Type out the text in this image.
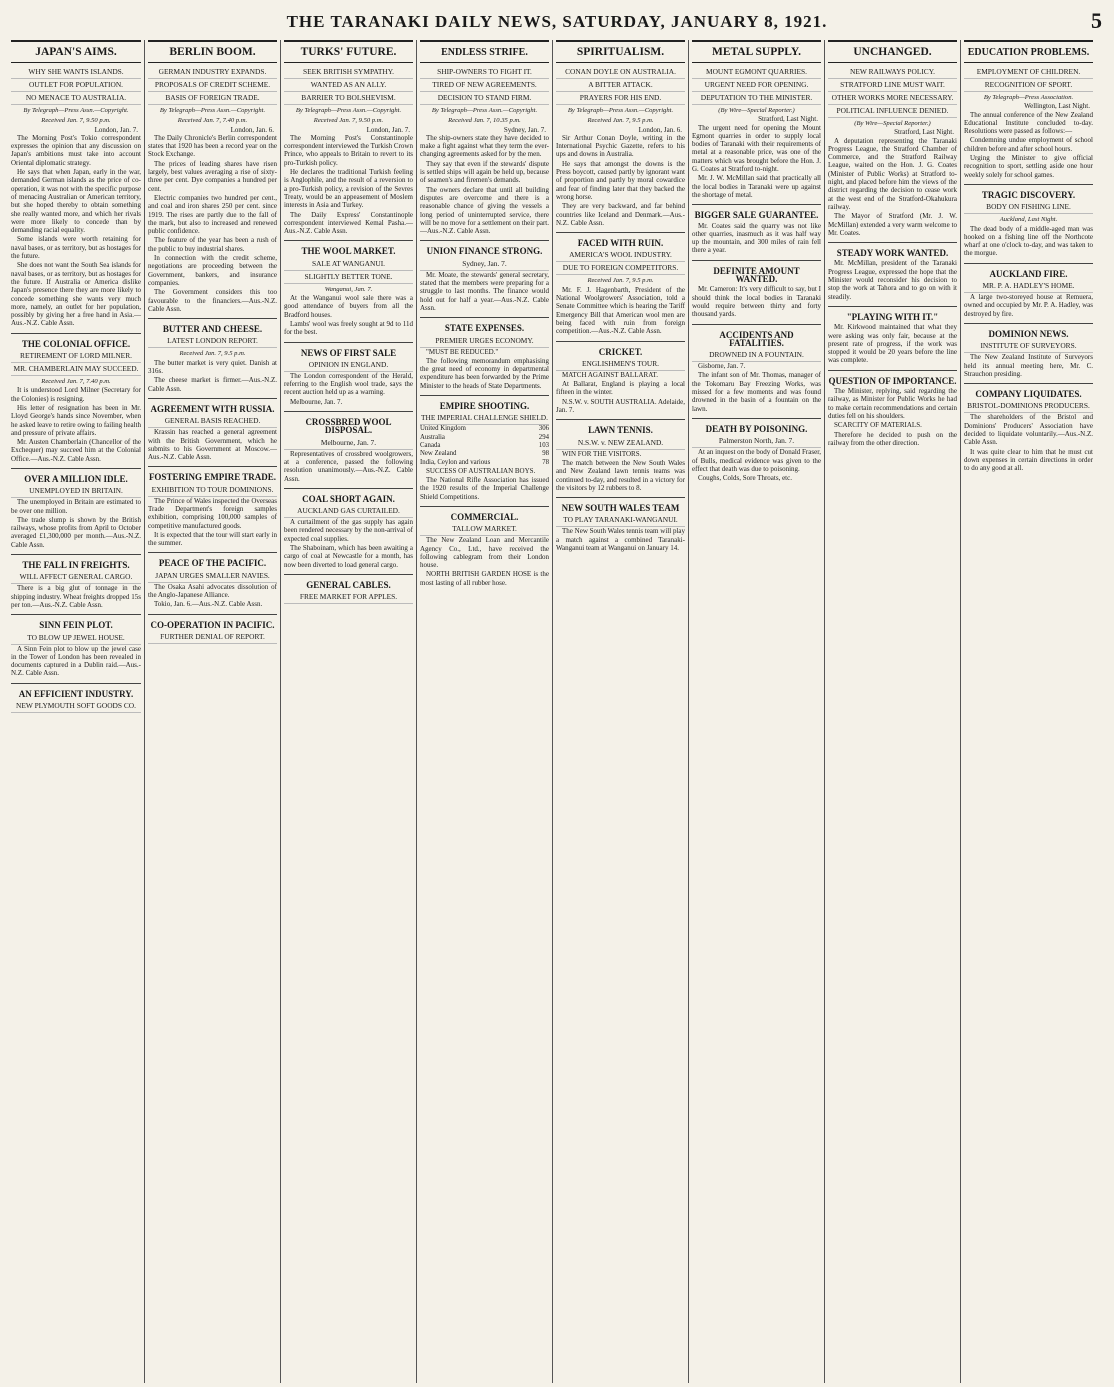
THE TARANAKI DAILY NEWS, SATURDAY, JANUARY 8, 1921.	5
JAPAN'S AIMS.
WHY SHE WANTS ISLANDS.
OUTLET FOR POPULATION.
NO MENACE TO AUSTRALIA.
By Telegraph—Press Assn.—Copyright.
Received Jan. 7, 9.50 p.m.
London, Jan. 7.

The Morning Post's Tokio correspondent expresses the opinion that any discussion on Japan's ambitions must take into account Oriental diplomatic strategy.

He says that when Japan, early in the war, demanded German islands as the price of co-operation, it was not with the specific purpose of menacing Australian or American territory, but she hoped thereby to obtain something she really wanted more, and which her rivals were more likely to concede than by demanding racial equality.

Some islands were worth retaining for naval bases, or as territory, but as hostages for the future.

She does not want the South Sea islands for naval bases, or as territory, but as hostages for the future. If Australia or America dislike Japan's presence there they are more likely to concede something she wants very much more, namely, an outlet for her population, possibly by giving her a free hand in Asia.—Aus.-N.Z. Cable Assn.

THE COLONIAL OFFICE.
RETIREMENT OF LORD MILNER.
MR. CHAMBERLAIN MAY SUCCEED.
Received Jan. 7, 7.40 p.m.

It is understood Lord Milner (Secretary for the Colonies) is resigning.

His letter of resignation has been in Mr. Lloyd George's hands since November, when he asked leave to retire owing to failing health and pressure of private affairs.

Mr. Austen Chamberlain (Chancellor of the Exchequer) may succeed him at the Colonial Office.—Aus.-N.Z. Cable Assn.

OVER A MILLION IDLE.
UNEMPLOYED IN BRITAIN.

The unemployed in Britain are estimated to be over one million.

The trade slump is shown by the British railways, whose profits from April to October averaged £1,300,000 per month.—Aus.-N.Z. Cable Assn.

THE FALL IN FREIGHTS.
WILL AFFECT GENERAL CARGO.

There is a big glut of tonnage in the shipping industry. Wheat freights dropped 15s per ton.—Aus.-N.Z. Cable Assn.

SINN FEIN PLOT.
TO BLOW UP JEWEL HOUSE.

A Sinn Fein plot to blow up the jewel case in the Tower of London has been revealed in documents captured in a Dublin raid.—Aus.-N.Z. Cable Assn.

AN EFFICIENT INDUSTRY.
NEW PLYMOUTH SOFT GOODS CO.
BERLIN BOOM.
GERMAN INDUSTRY EXPANDS.
PROPOSALS OF CREDIT SCHEME.
BASIS OF FOREIGN TRADE.
By Telegraph—Press Assn.—Copyright.
Received Jan. 7, 7.40 p.m.
London, Jan. 6.

The Daily Chronicle's Berlin correspondent states that 1920 has been a record year on the Stock Exchange.

The prices of leading shares have risen largely, best values averaging a rise of sixty-three per cent. Dye companies a hundred per cent.

Electric companies two hundred per cent., and coal and iron shares 250 per cent. since 1919. The rises are partly due to the fall of the mark, but also to increased and renewed public confidence.

The feature of the year has been a rush of the public to buy industrial shares.

In connection with the credit scheme, negotiations are proceeding between the Government, bankers, and insurance companies.

The Government considers this too favourable to the financiers.—Aus.-N.Z. Cable Assn.

BUTTER AND CHEESE.
LATEST LONDON REPORT.
Received Jan. 7, 9.5 p.m.

The butter market is very quiet. Danish at 316s.

The cheese market is firmer.—Aus.-N.Z. Cable Assn.

AGREEMENT WITH RUSSIA.
GENERAL BASIS REACHED.

Krassin has reached a general agreement with the British Government, which he submits to his Government at Moscow.—Aus.-N.Z. Cable Assn.

FOSTERING EMPIRE TRADE.
EXHIBITION TO TOUR DOMINIONS.

The Prince of Wales inspected the Overseas Trade Department's foreign samples exhibition, comprising 100,000 samples of competitive manufactured goods.

It is expected that the tour will start early in the summer.

PEACE OF THE PACIFIC.
JAPAN URGES SMALLER NAVIES.

The Osaka Asahi advocates dissolution of the Anglo-Japanese Alliance.

Tokio, Jan. 6.—Aus.-N.Z. Cable Assn.

CO-OPERATION IN PACIFIC.
FURTHER DENIAL OF REPORT.
TURKS' FUTURE.
SEEK BRITISH SYMPATHY.
WANTED AS AN ALLY.
BARRIER TO BOLSHEVISM.
By Telegraph—Press Assn.—Copyright.
Received Jan. 7, 9.50 p.m.
London, Jan. 7.

The Morning Post's Constantinople correspondent interviewed the Turkish Crown Prince, who appeals to Britain to revert to its pro-Turkish policy.

He declares the traditional Turkish feeling is Anglophile, and the result of a reversion to a pro-Turkish policy, a revision of the Sevres Treaty, would be an appeasement of Moslem interests in Asia and Turkey.

The Daily Express' Constantinople correspondent interviewed Kemal Pasha.—Aus.-N.Z. Cable Assn.

THE WOOL MARKET.
SALE AT WANGANUI.
SLIGHTLY BETTER TONE.
Wanganui, Jan. 7.

At the Wanganui wool sale there was a good attendance of buyers from all the Bradford houses.

Lambs' wool was freely sought at 9d to 11d for the best.

NEWS OF FIRST SALE
OPINION IN ENGLAND.

The London correspondent of the Herald, referring to the English wool trade, says the recent auction held up as a warning.

Melbourne, Jan. 7.

CROSSBRED WOOL DISPOSAL.
Melbourne, Jan. 7.

Representatives of crossbred woolgrowers, at a conference, passed the following resolution unanimously.—Aus.-N.Z. Cable Assn.

COAL SHORT AGAIN.
AUCKLAND GAS CURTAILED.

A curtailment of the gas supply has again been rendered necessary by the non-arrival of expected coal supplies.

The Shaboinam, which has been awaiting a cargo of coal at Newcastle for a month, has now been diverted to load general cargo.

GENERAL CABLES.
FREE MARKET FOR APPLES.
ENDLESS STRIFE.
SHIP-OWNERS TO FIGHT IT.
TIRED OF NEW AGREEMENTS.
DECISION TO STAND FIRM.
By Telegraph—Press Assn.—Copyright.
Received Jan. 7, 10.35 p.m.
Sydney, Jan. 7.

The ship-owners state they have decided to make a fight against what they term the ever-changing agreements asked for by the men.

They say that even if the stewards' dispute is settled ships will again be held up, because of seamen's and firemen's demands.

The owners declare that until all building disputes are overcome and there is a reasonable chance of giving the vessels a long period of uninterrupted service, there will be no move for a settlement on their part.—Aus.-N.Z. Cable Assn.

UNION FINANCE STRONG.
Sydney, Jan. 7.

Mr. Moate, the stewards' general secretary, stated that the members were preparing for a struggle to last months. The finance would hold out for half a year.—Aus.-N.Z. Cable Assn.

STATE EXPENSES.
PREMIER URGES ECONOMY.

"MUST BE REDUCED."

The following memorandum emphasising the great need of economy in departmental expenditure has been forwarded by the Prime Minister to the heads of State Departments.

EMPIRE SHOOTING.
THE IMPERIAL CHALLENGE SHIELD.
United Kingdom	306
Australia	294
Canada	103
New Zealand	98
India, Ceylon and various	78

SUCCESS OF AUSTRALIAN BOYS.

The National Rifle Association has issued the 1920 results of the Imperial Challenge Shield Competitions.

COMMERCIAL.
TALLOW MARKET.

The New Zealand Loan and Mercantile Agency Co., Ltd., have received the following cablegram from their London house.

NORTH BRITISH GARDEN HOSE is the most lasting of all rubber hose.

SPIRITUALISM.
CONAN DOYLE ON AUSTRALIA.
A BITTER ATTACK.
PRAYERS FOR HIS END.
By Telegraph—Press Assn.—Copyright.
Received Jan. 7, 9.5 p.m.
London, Jan. 6.

Sir Arthur Conan Doyle, writing in the International Psychic Gazette, refers to his ups and downs in Australia.

He says that amongst the downs is the Press boycott, caused partly by ignorant want of proportion and partly by moral cowardice and fear of finding later that they backed the wrong horse.

They are very backward, and far behind countries like Iceland and Denmark.—Aus.-N.Z. Cable Assn.

FACED WITH RUIN.
AMERICA'S WOOL INDUSTRY.
DUE TO FOREIGN COMPETITORS.
Received Jan. 7, 9.5 p.m.

Mr. F. J. Hagenbarth, President of the National Woolgrowers' Association, told a Senate Committee which is hearing the Tariff Emergency Bill that American wool men are being faced with ruin from foreign competition.—Aus.-N.Z. Cable Assn.

CRICKET.
ENGLISHMEN'S TOUR.

MATCH AGAINST BALLARAT.

At Ballarat, England is playing a local fifteen in the winter.

N.S.W. v. SOUTH AUSTRALIA. Adelaide, Jan. 7.

LAWN TENNIS.
N.S.W. v. NEW ZEALAND.

WIN FOR THE VISITORS.

The match between the New South Wales and New Zealand lawn tennis teams was continued to-day, and resulted in a victory for the visitors by 12 rubbers to 8.

NEW SOUTH WALES TEAM
TO PLAY TARANAKI-WANGANUI.

The New South Wales tennis team will play a match against a combined Taranaki-Wanganui team at Wanganui on January 14.

METAL SUPPLY.
MOUNT EGMONT QUARRIES.
URGENT NEED FOR OPENING.
DEPUTATION TO THE MINISTER.
(By Wire—Special Reporter.)
Stratford, Last Night.

The urgent need for opening the Mount Egmont quarries in order to supply local bodies of Taranaki with their requirements of metal at a reasonable price, was one of the matters which was brought before the Hon. J. G. Coates at Stratford to-night.

Mr. J. W. McMillan said that practically all the local bodies in Taranaki were up against the shortage of metal.

BIGGER SALE GUARANTEE.

Mr. Coates said the quarry was not like other quarries, inasmuch as it was half way up the mountain, and 300 miles of rain fell there a year.

DEFINITE AMOUNT WANTED.

Mr. Cameron: It's very difficult to say, but I should think the local bodies in Taranaki would require between thirty and forty thousand yards.

ACCIDENTS AND FATALITIES.
DROWNED IN A FOUNTAIN.

Gisborne, Jan. 7.

The infant son of Mr. Thomas, manager of the Tokomaru Bay Freezing Works, was missed for a few moments and was found drowned in the basin of a fountain on the lawn.

DEATH BY POISONING.
Palmerston North, Jan. 7.

At an inquest on the body of Donald Fraser, of Bulls, medical evidence was given to the effect that death was due to poisoning.

Coughs, Colds, Sore Throats, etc.

UNCHANGED.
NEW RAILWAYS POLICY.
STRATFORD LINE MUST WAIT.
OTHER WORKS MORE NECESSARY.
POLITICAL INFLUENCE DENIED.
(By Wire—Special Reporter.)
Stratford, Last Night.

A deputation representing the Taranaki Progress League, the Stratford Chamber of Commerce, and the Stratford Railway League, waited on the Hon. J. G. Coates (Minister of Public Works) at Stratford to-night, and placed before him the views of the district regarding the decision to cease work at the west end of the Stratford-Okahukura railway.

The Mayor of Stratford (Mr. J. W. McMillan) extended a very warm welcome to Mr. Coates.

STEADY WORK WANTED.

Mr. McMillan, president of the Taranaki Progress League, expressed the hope that the Minister would reconsider his decision to stop the work at Tahora and to go on with it steadily.

"PLAYING WITH IT."

Mr. Kirkwood maintained that what they were asking was only fair, because at the present rate of progress, if the work was stopped it would be 20 years before the line was complete.

QUESTION OF IMPORTANCE.

The Minister, replying, said regarding the railway, as Minister for Public Works he had to make certain recommendations and certain duties fell on his shoulders.

SCARCITY OF MATERIALS.

Therefore he decided to push on the railway from the other direction.

EDUCATION PROBLEMS.
EMPLOYMENT OF CHILDREN.
RECOGNITION OF SPORT.
By Telegraph—Press Association.
Wellington, Last Night.

The annual conference of the New Zealand Educational Institute concluded to-day. Resolutions were passed as follows:—

Condemning undue employment of school children before and after school hours.

Urging the Minister to give official recognition to sport, settling aside one hour weekly solely for school games.

TRAGIC DISCOVERY.
BODY ON FISHING LINE.
Auckland, Last Night.

The dead body of a middle-aged man was hooked on a fishing line off the Northcote wharf at one o'clock to-day, and was taken to the morgue.

AUCKLAND FIRE.
MR. P. A. HADLEY'S HOME.

A large two-storeyed house at Remuera, owned and occupied by Mr. P. A. Hadley, was destroyed by fire.

DOMINION NEWS.
INSTITUTE OF SURVEYORS.

The New Zealand Institute of Surveyors held its annual meeting here, Mr. C. Strauchon presiding.

COMPANY LIQUIDATES.
BRISTOL-DOMINIONS PRODUCERS.

The shareholders of the Bristol and Dominions' Producers' Association have decided to liquidate voluntarily.—Aus.-N.Z. Cable Assn.

It was quite clear to him that he must cut down expenses in certain directions in order to do any good at all.
